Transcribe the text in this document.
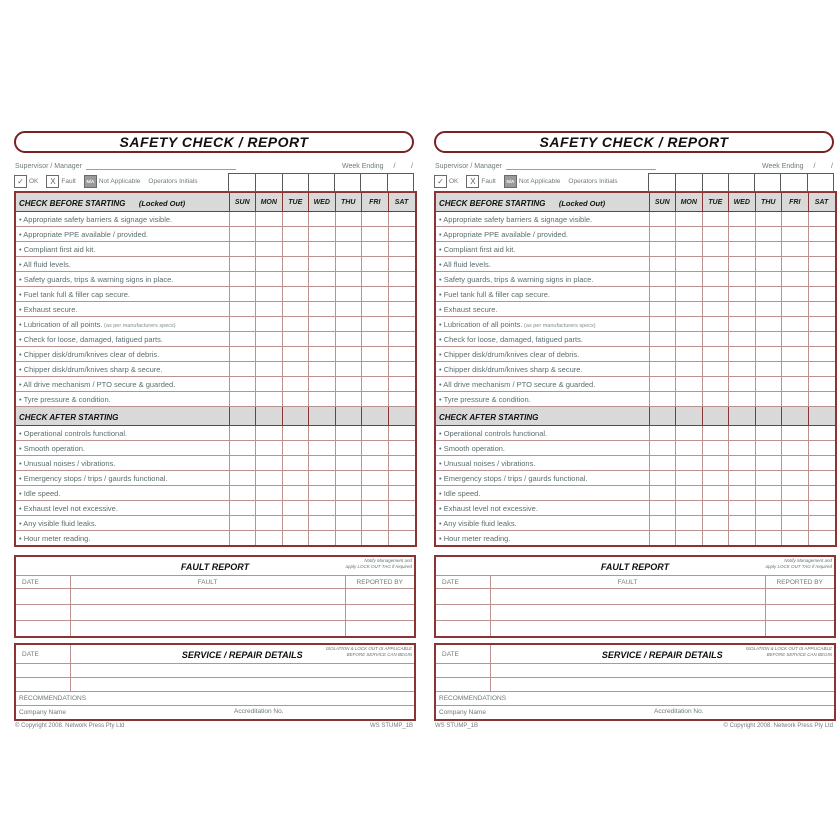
SAFETY CHECK / REPORT
Supervisor / Manager	Week Ending /        /
✓ OK	X Fault	N/A Not Applicable Operators Initials
CHECK BEFORE STARTING (Locked Out)	SUN	MON	TUE	WED	THU	FRI	SAT
• Appropriate safety barriers & signage visible.							
• Appropriate PPE available / provided.							
• Compliant first aid kit.							
• All fluid levels.							
• Safety guards, trips & warning signs in place.							
• Fuel tank full & filler cap secure.							
• Exhaust secure.							
• Lubrication of all points. (as per manufacturers specs)							
• Check for loose, damaged, fatigued parts.							
• Chipper disk/drum/knives clear of debris.							
• Chipper disk/drum/knives sharp & secure.							
• All drive mechanism / PTO secure & guarded.							
• Tyre pressure & condition.							
CHECK AFTER STARTING							
• Operational controls functional.							
• Smooth operation.							
• Unusual noises / vibrations.							
• Emergency stops / trips / gaurds functional.							
• Idle speed.							
• Exhaust level not excessive.							
• Any visible fluid leaks.							
• Hour meter reading.							
FAULT REPORT
Notify Management and
apply LOCK OUT TAG if required		

DATE	FAULT	REPORTED BY

DATE	SERVICE / REPAIR DETAILS
ISOLATION & LOCK OUT IS APPLICABLE
BEFORE SERVICE CAN BEGIN

RECOMMENDATIONS	
Company Name Accreditation No.	
© Copyright 2008. Network Press Pty Ltd	WS STUMP_1B
SAFETY CHECK / REPORT
Supervisor / Manager	Week Ending /        /
✓ OK	X Fault	N/A Not Applicable Operators Initials
CHECK BEFORE STARTING (Locked Out)	SUN	MON	TUE	WED	THU	FRI	SAT
• Appropriate safety barriers & signage visible.							
• Appropriate PPE available / provided.							
• Compliant first aid kit.							
• All fluid levels.							
• Safety guards, trips & warning signs in place.							
• Fuel tank full & filler cap secure.							
• Exhaust secure.							
• Lubrication of all points. (as per manufacturers specs)							
• Check for loose, damaged, fatigued parts.							
• Chipper disk/drum/knives clear of debris.							
• Chipper disk/drum/knives sharp & secure.							
• All drive mechanism / PTO secure & guarded.							
• Tyre pressure & condition.							
CHECK AFTER STARTING							
• Operational controls functional.							
• Smooth operation.							
• Unusual noises / vibrations.							
• Emergency stops / trips / gaurds functional.							
• Idle speed.							
• Exhaust level not excessive.							
• Any visible fluid leaks.							
• Hour meter reading.							
FAULT REPORT
Notify Management and
apply LOCK OUT TAG if required		

DATE	FAULT	REPORTED BY

DATE	SERVICE / REPAIR DETAILS
ISOLATION & LOCK OUT IS APPLICABLE
BEFORE SERVICE CAN BEGIN

RECOMMENDATIONS	
Company Name Accreditation No.	
© Copyright 2008. Network Press Pty Ltd
WS STUMP_1B
